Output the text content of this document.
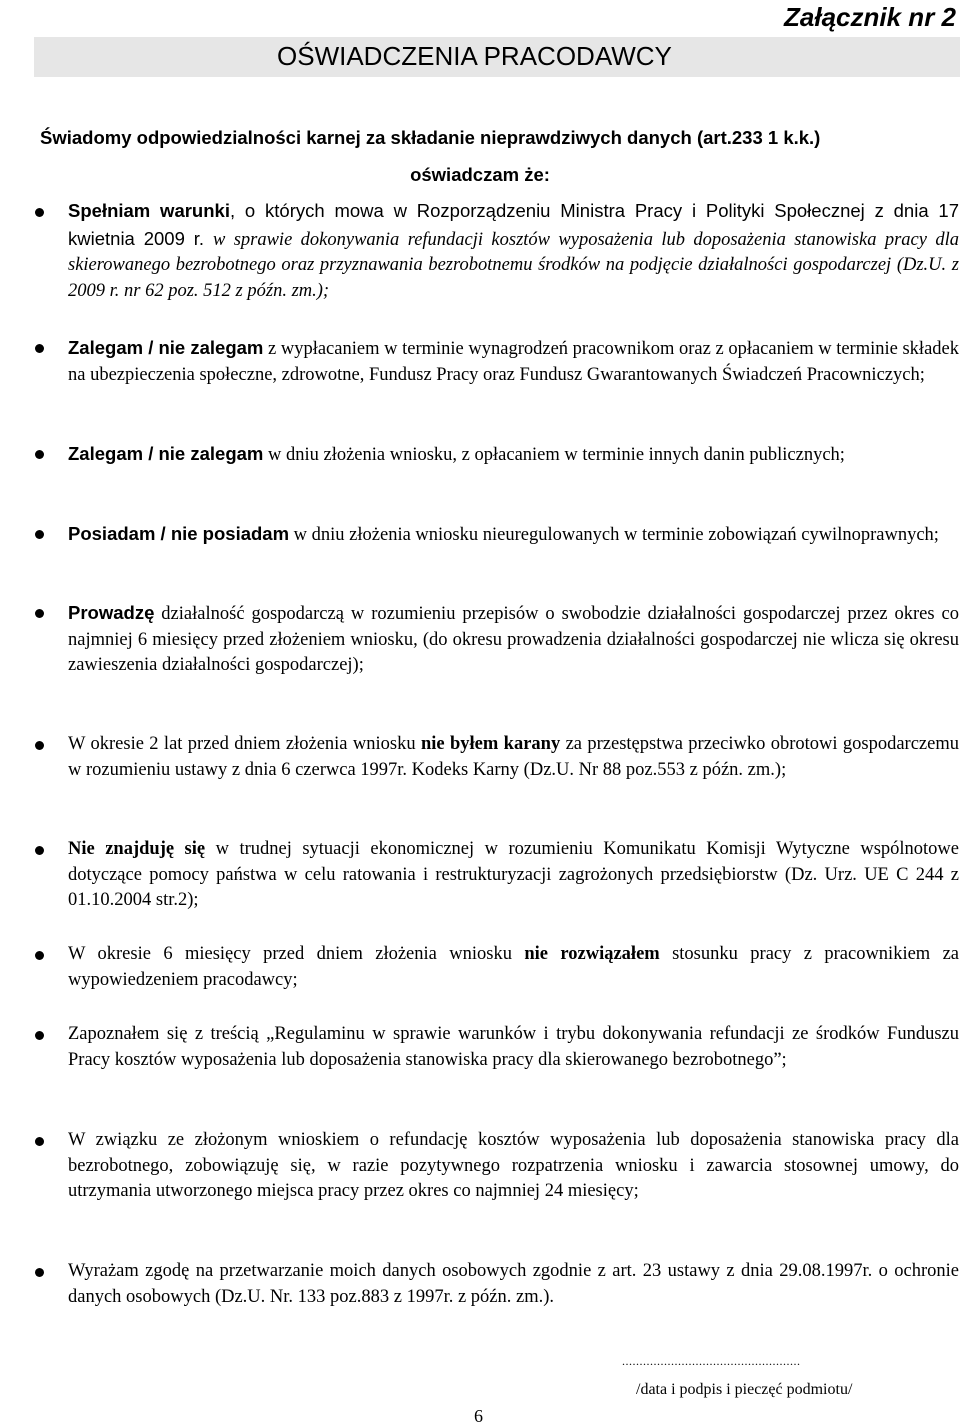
Załącznik nr 2
OŚWIADCZENIA PRACODAWCY
Świadomy odpowiedzialności karnej za składanie nieprawdziwych danych (art.233 1 k.k.)
oświadczam że:

Spełniam warunki, o których mowa w Rozporządzeniu Ministra Pracy i Polityki Społecznej z dnia 17 kwietnia 2009 r. w sprawie dokonywania refundacji kosztów wyposażenia lub doposażenia stanowiska pracy dla skierowanego bezrobotnego oraz przyznawania bezrobotnemu środków na podjęcie działalności gospodarczej (Dz.U. z 2009 r. nr 62 poz. 512 z późn. zm.);

Zalegam / nie zalegam z wypłacaniem w terminie wynagrodzeń pracownikom oraz z opłacaniem w terminie składek na ubezpieczenia społeczne, zdrowotne, Fundusz Pracy oraz Fundusz Gwarantowanych Świadczeń Pracowniczych;

Zalegam / nie zalegam w dniu złożenia wniosku, z opłacaniem w terminie innych danin publicznych;

Posiadam / nie posiadam w dniu złożenia wniosku nieuregulowanych w terminie zobowiązań cywilnoprawnych;

Prowadzę działalność gospodarczą w rozumieniu przepisów o swobodzie działalności gospodarczej przez okres co najmniej 6 miesięcy przed złożeniem wniosku, (do okresu prowadzenia działalności gospodarczej nie wlicza się okresu zawieszenia działalności gospodarczej);

W okresie 2 lat przed dniem złożenia wniosku nie byłem karany za przestępstwa przeciwko obrotowi gospodarczemu w rozumieniu ustawy z dnia 6 czerwca 1997r. Kodeks Karny (Dz.U. Nr 88 poz.553 z późn. zm.);

Nie znajduję się w trudnej sytuacji ekonomicznej w rozumieniu Komunikatu Komisji Wytyczne wspólnotowe dotyczące pomocy państwa w celu ratowania i restrukturyzacji zagrożonych przedsiębiorstw (Dz. Urz. UE C 244 z 01.10.2004 str.2);

W okresie 6 miesięcy przed dniem złożenia wniosku nie rozwiązałem stosunku pracy z pracownikiem za wypowiedzeniem pracodawcy;

Zapoznałem się z treścią „Regulaminu w sprawie warunków i trybu dokonywania refundacji ze środków Funduszu Pracy kosztów wyposażenia lub doposażenia stanowiska pracy dla skierowanego bezrobotnego”;

W związku ze złożonym wnioskiem o refundację kosztów wyposażenia lub doposażenia stanowiska pracy dla bezrobotnego, zobowiązuję się, w razie pozytywnego rozpatrzenia wniosku i zawarcia stosownej umowy, do utrzymania utworzonego miejsca pracy przez okres co najmniej 24 miesięcy;

Wyrażam zgodę na przetwarzanie moich danych osobowych zgodnie z art. 23 ustawy z dnia 29.08.1997r. o ochronie danych osobowych (Dz.U. Nr. 133 poz.883 z 1997r. z późn. zm.).

...................................................
/data i podpis i pieczęć podmiotu/
6
